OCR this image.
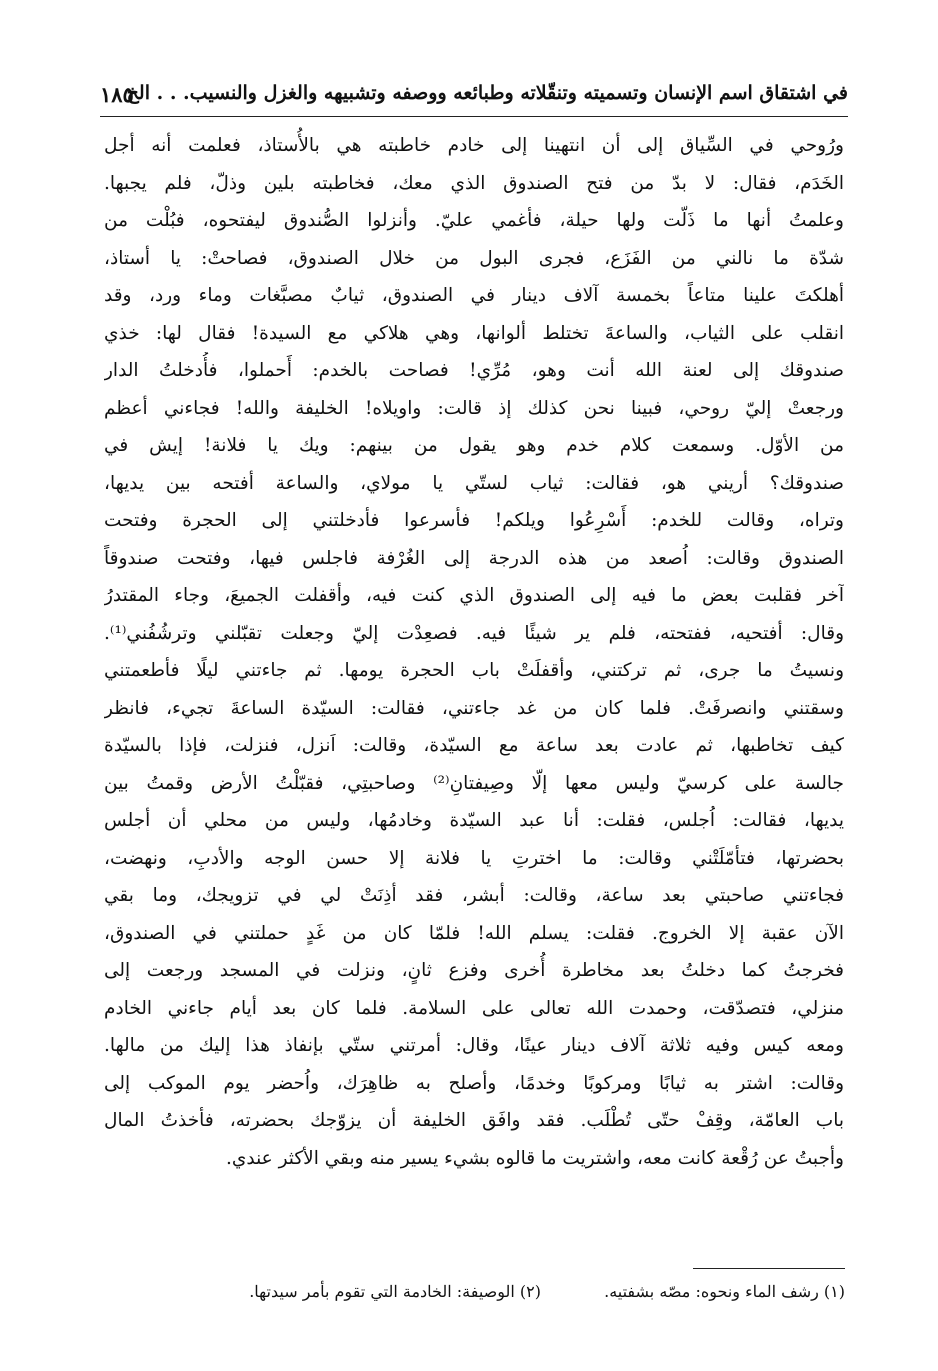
في اشتقاق اسم الإنسان وتسميته وتنقّلاته وطبائعه ووصفه وتشبيهه والغزل والنسيب. . . الخ
١٨٥
ورُوحي في السِّياق إلى أن انتهينا إلى خادم خاطبته هي بالأُستاذ، فعلمت أنه أجل
الخَدَم، فقال: لا بدّ من فتح الصندوق الذي معك، فخاطبته بلين وذلّ، فلم يجبها.
وعلمتُ أنها ما ذَلّت ولها حيلة، فأغمي عليّ. وأنزلوا الصُّندوق ليفتحوه، فبُلْت من
شدّة ما نالني من الفَزَع، فجرى البول من خلال الصندوق، فصاحتْ: يا أستاذ،
أهلكتَ علينا متاعاً بخمسة آلاف دينار في الصندوق، ثيابٌ مصبَّغات وماء ورد، وقد
انقلب على الثياب، والساعةَ تختلط ألوانها، وهي هلاكي مع السيدة! فقال لها: خذي
صندوقك إلى لعنة الله أنت وهو، مُرِّي! فصاحت بالخدم: أَحملوا، فأُدخلتُ الدار
ورجعتْ إليّ روحي، فبينا نحن كذلك إذ قالت: واويلاه! الخليفة والله! فجاءني أعظم
من الأوّل. وسمعت كلام خدم وهو يقول من بينهم: ويك يا فلانة! إيش في
صندوقك؟ أريني هو، فقالت: ثياب لستّي يا مولاي، والساعة أفتحه بين يديها،
وتراه، وقالت للخدم: أَسْرِعُوا ويلكم! فأسرعوا فأدخلتني إلى الحجرة وفتحت
الصندوق وقالت: اُصعد من هذه الدرجة إلى الغُرْفة فاجلس فيها، وفتحت صندوقاً
آخر فقلبت بعض ما فيه إلى الصندوق الذي كنت فيه، وأقفلت الجميعَ، وجاء المقتدرُ
وقال: أفتحيه، ففتحته، فلم ير شيئًا فيه. فصعِدْت إليّ وجعلت تقبّلني وترشُفُني⁽¹⁾.
ونسيتُ ما جرى، ثم تركتني، وأقفلَتْ باب الحجرة يومها. ثم جاءتني ليلًا فأطعمتني
وسقتني وانصرفَتْ. فلما كان من غد جاءتني، فقالت: السيّدة الساعةَ تجيء، فانظر
كيف تخاطبها، ثم عادت بعد ساعة مع السيّدة، وقالت: اَنزل، فنزلت، فإذا بالسيّدة
جالسة على كرسيّ وليس معها إلّا وصِيفتانِ⁽²⁾ وصاحبتِي، فقبّلْتُ الأرض وقمتُ بين
يديها، فقالت: اُجلس، فقلت: أنا عبد السيّدة وخادمُها، وليس من محلي أن أجلس
بحضرتها، فتأمّلَتْني وقالت: ما اخترتِ يا فلانة إلا حسن الوجه والأدبِ، ونهضت،
فجاءتني صاحبتي بعد ساعة، وقالت: أبشر، فقد أذِنَتْ لي في تزويجك، وما بقي
الآن عقبة إلا الخروج. فقلت: يسلم الله! فلمّا كان من غَدٍ حملتني في الصندوق،
فخرجتُ كما دخلتُ بعد مخاطرة أُخرى وفزع ثانٍ، ونزلت في المسجد ورجعت إلى
منزلي، فتصدّقت، وحمدت الله تعالى على السلامة. فلما كان بعد أيام جاءني الخادم
ومعه كيس وفيه ثلاثة آلاف دينار عينًا، وقال: أمرتني ستّي بإنفاذ هذا إليك من مالها.
وقالت: اشتر به ثيابًا ومركوبًا وخدمًا، وأصلح به ظاهِرَك، واُحضر يوم الموكب إلى
باب العامّة، وقِفْ حتّى تُطْلَب. فقد وافَق الخليفة أن يزوّجك بحضرته، فأخذتُ المال
وأجبتُ عن رُقْعة كانت معه، واشتريت ما قالوه بشيء يسير منه وبقي الأكثر عندي.
(١) رشف الماء ونحوه: مصّه بشفتيه. (٢) الوصيفة: الخادمة التي تقوم بأمر سيدتها.
